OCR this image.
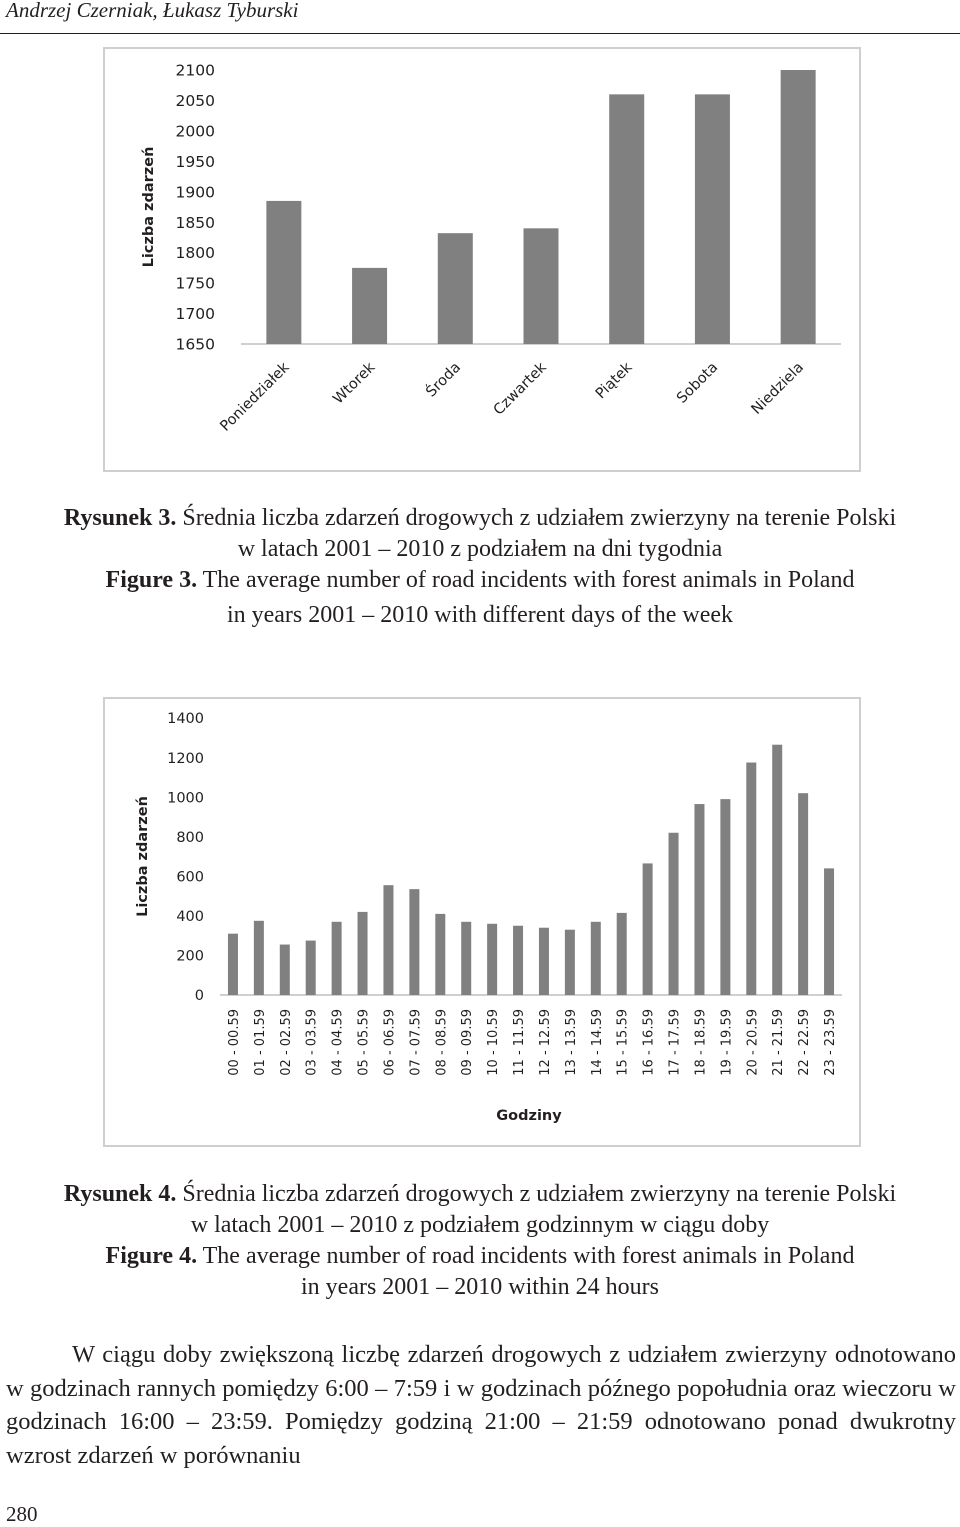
Andrzej Czerniak, Łukasz Tyburski
Liczba zdarzeń
1650
1700
1750
1800
1850
1900
1950
2000
2050
2100
Poniedziałek	Wtorek	Środa Czwartek	Piątek	Sobota Niedziela
Rysunek 3. Średnia liczba zdarzeń drogowych z udziałem zwierzyny na terenie Polski
w latach 2001 – 2010 z podziałem na dni tygodnia
Figure 3. The average number of road incidents with forest animals in Poland
in years 2001 – 2010 with different days of the week
Liczba zdarzeń
0
200
400
600
800
1000
1200
1400
00 - 00.59 01 - 01.59 02 - 02.59 03 - 03.59 04 - 04.59 05 - 05.59 06 - 06.59 07 - 07.59 08 - 08.59 09 - 09.59 10 - 10.59 11 - 11.59 12 - 12.59 13 - 13.59 14 - 14.59 15 - 15.59 16 - 16.59 17 - 17.59 18 - 18.59 19 - 19.59 20 - 20.59 21 - 21.59 22 - 22.59 23 - 23.59
Godziny
Rysunek 4. Średnia liczba zdarzeń drogowych z udziałem zwierzyny na terenie Polski
w latach 2001 – 2010 z podziałem godzinnym w ciągu doby
Figure 4. The average number of road incidents with forest animals in Poland
in years 2001 – 2010 within 24 hours

W ciągu doby zwiększoną liczbę zdarzeń drogowych z udziałem zwierzyny odnotowano w godzinach rannych pomiędzy 6:00 – 7:59 i w godzinach późnego popołudnia oraz wieczoru w godzinach 16:00 – 23:59. Pomiędzy godziną 21:00 – 21:59 odnotowano ponad dwukrotny wzrost zdarzeń w porównaniu

280
